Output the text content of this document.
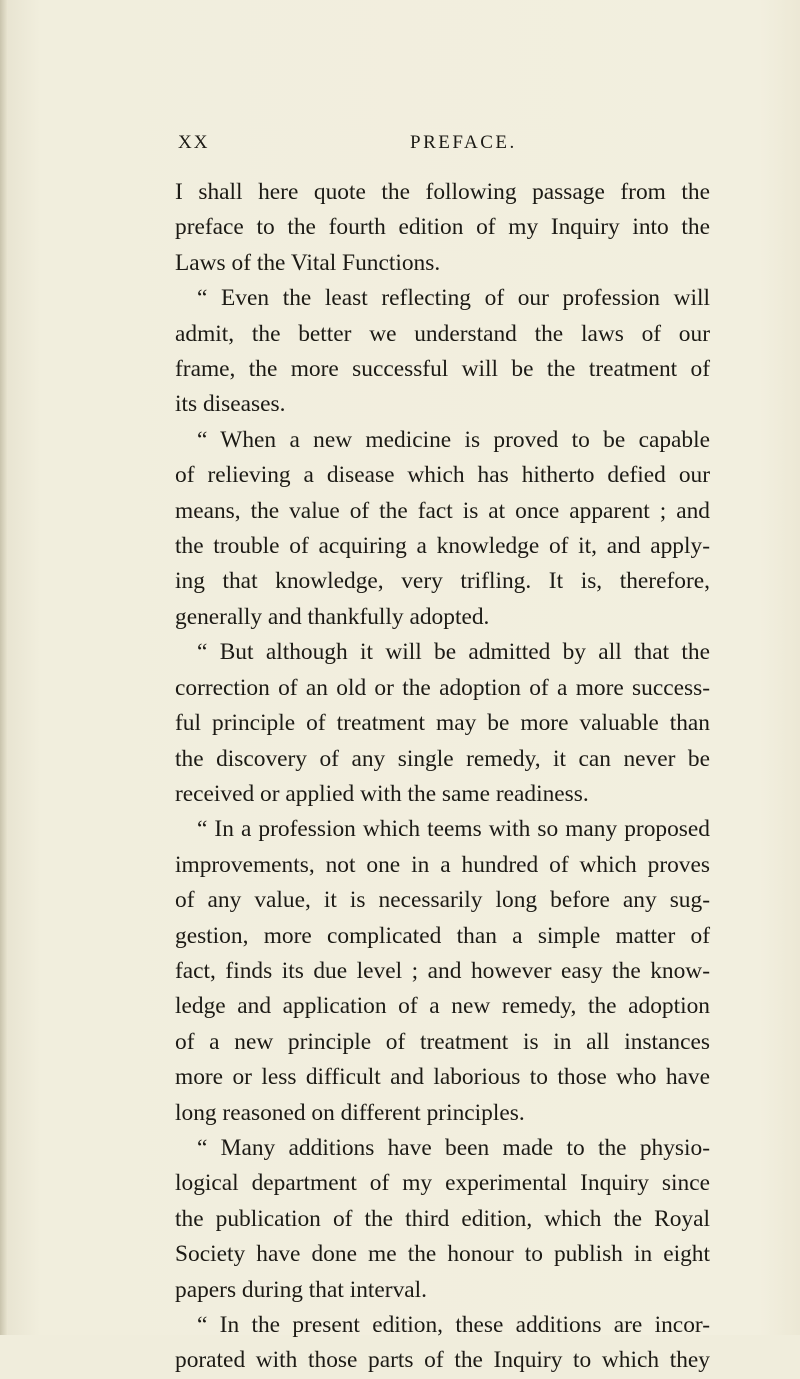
XX	PREFACE.
I shall here quote the following passage from the
preface to the fourth edition of my Inquiry into the
Laws of the Vital Functions.
“ Even the least reflecting of our profession will
admit, the better we understand the laws of our
frame, the more successful will be the treatment of
its diseases.
“ When a new medicine is proved to be capable
of relieving a disease which has hitherto defied our
means, the value of the fact is at once apparent ; and
the trouble of acquiring a knowledge of it, and apply-
ing that knowledge, very trifling. It is, therefore,
generally and thankfully adopted.
“ But although it will be admitted by all that the
correction of an old or the adoption of a more success-
ful principle of treatment may be more valuable than
the discovery of any single remedy, it can never be
received or applied with the same readiness.
“ In a profession which teems with so many proposed
improvements, not one in a hundred of which proves
of any value, it is necessarily long before any sug-
gestion, more complicated than a simple matter of
fact, finds its due level ; and however easy the know-
ledge and application of a new remedy, the adoption
of a new principle of treatment is in all instances
more or less difficult and laborious to those who have
long reasoned on different principles.
“ Many additions have been made to the physio-
logical department of my experimental Inquiry since
the publication of the third edition, which the Royal
Society have done me the honour to publish in eight
papers during that interval.
“ In the present edition, these additions are incor-
porated with those parts of the Inquiry to which they
